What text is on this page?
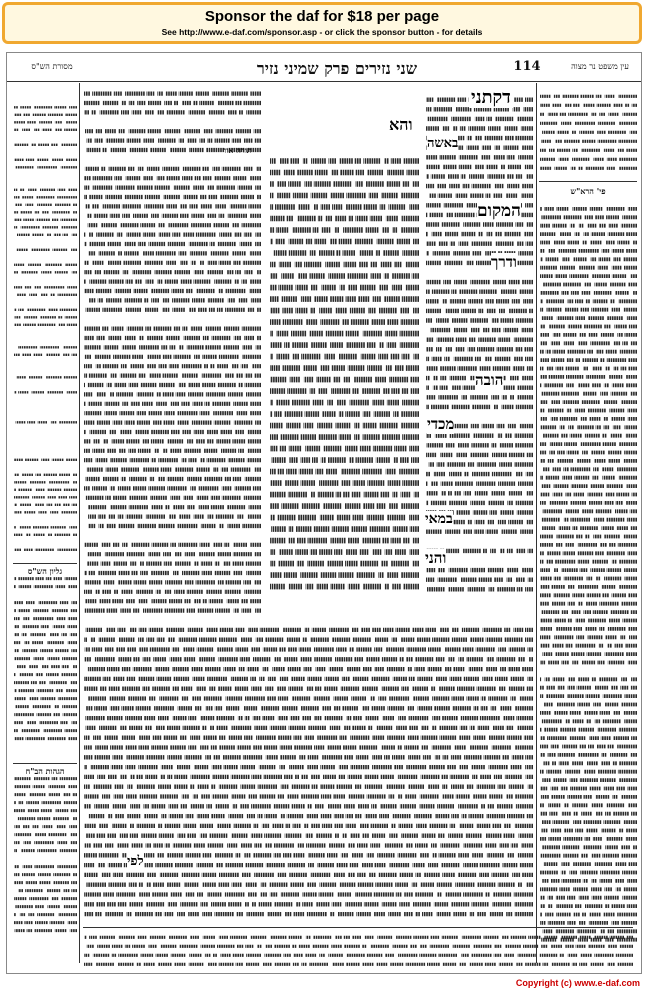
Sponsor the daf for $18 per page
See http://www.e-daf.com/sponsor.asp - or click the sponsor button - for details
שני נזירים פרק שמיני נזיר	114
מסורת הש"ס	עין משפט נר מצוה
פי' הרא"ש
גליון הש"ס
הגהות הב"ח
תורה אור
דקתני
והא
באשה
המקום
ודרך
הובה
מכדי
במאי
והני
לפי
Copyright (c) www.e-daf.com
